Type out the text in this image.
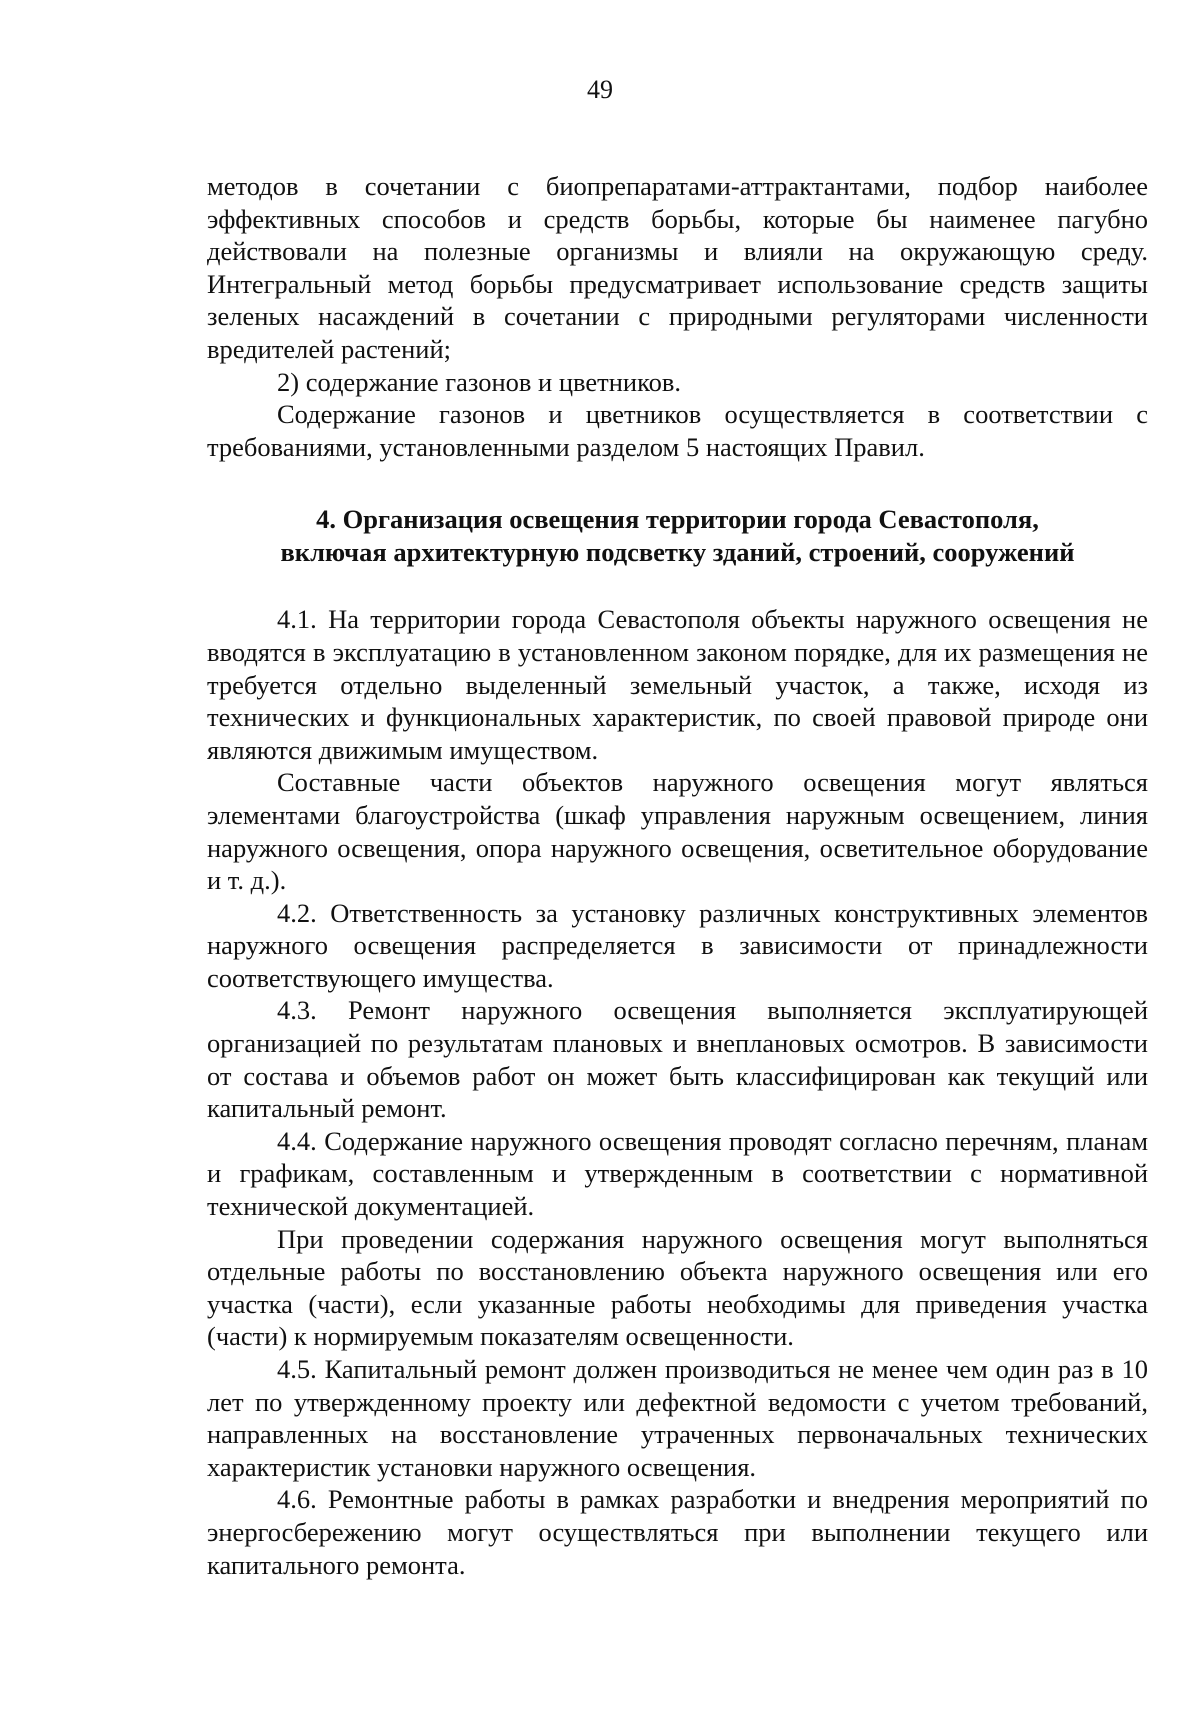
49

методов в сочетании с биопрепаратами-аттрактантами, подбор наиболее эффективных способов и средств борьбы, которые бы наименее пагубно действовали на полезные организмы и влияли на окружающую среду. Интегральный метод борьбы предусматривает использование средств защиты зеленых насаждений в сочетании с природными регуляторами численности вредителей растений;

2) содержание газонов и цветников.

Содержание газонов и цветников осуществляется в соответствии с требованиями, установленными разделом 5 настоящих Правил.

4. Организация освещения территории города Севастополя,
включая архитектурную подсветку зданий, строений, сооружений

4.1. На территории города Севастополя объекты наружного освещения не вводятся в эксплуатацию в установленном законом порядке, для их размещения не требуется отдельно выделенный земельный участок, а также, исходя из технических и функциональных характеристик, по своей правовой природе они являются движимым имуществом.

Составные части объектов наружного освещения могут являться элементами благоустройства (шкаф управления наружным освещением, линия наружного освещения, опора наружного освещения, осветительное оборудование и т. д.).

4.2. Ответственность за установку различных конструктивных элементов наружного освещения распределяется в зависимости от принадлежности соответствующего имущества.

4.3. Ремонт наружного освещения выполняется эксплуатирующей организацией по результатам плановых и внеплановых осмотров. В зависимости от состава и объемов работ он может быть классифицирован как текущий или капитальный ремонт.

4.4. Содержание наружного освещения проводят согласно перечням, планам и графикам, составленным и утвержденным в соответствии с нормативной технической документацией.

При проведении содержания наружного освещения могут выполняться отдельные работы по восстановлению объекта наружного освещения или его участка (части), если указанные работы необходимы для приведения участка (части) к нормируемым показателям освещенности.

4.5. Капитальный ремонт должен производиться не менее чем один раз в 10 лет по утвержденному проекту или дефектной ведомости с учетом требований, направленных на восстановление утраченных первоначальных технических характеристик установки наружного освещения.

4.6. Ремонтные работы в рамках разработки и внедрения мероприятий по энергосбережению могут осуществляться при выполнении текущего или капитального ремонта.
